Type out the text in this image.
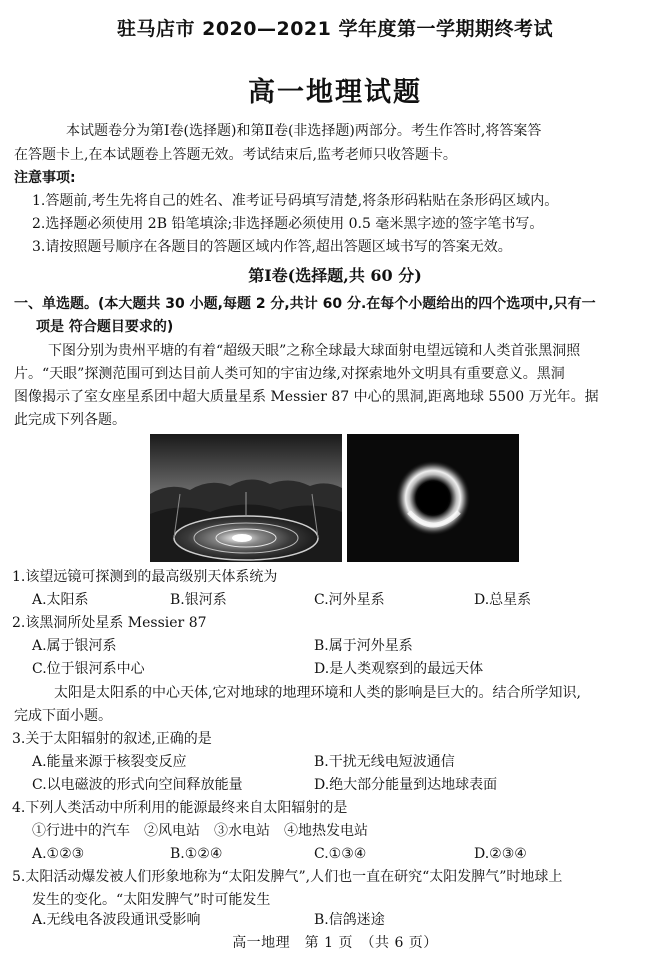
驻马店市 2020—2021 学年度第一学期期终考试
高一地理试题
本试题卷分为第Ⅰ卷(选择题)和第Ⅱ卷(非选择题)两部分。考生作答时,将答案答
在答题卡上,在本试题卷上答题无效。考试结束后,监考老师只收答题卡。
注意事项:
1.答题前,考生先将自己的姓名、准考证号码填写清楚,将条形码粘贴在条形码区域内。
2.选择题必须使用 2B 铅笔填涂;非选择题必须使用 0.5 毫米黑字迹的签字笔书写。
3.请按照题号顺序在各题目的答题区域内作答,超出答题区域书写的答案无效。
第Ⅰ卷(选择题,共 60 分)
一、单选题。(本大题共 30 小题,每题 2 分,共计 60 分.在每个小题给出的四个选项中,只有一
项是 符合题目要求的)
下图分别为贵州平塘的有着“超级天眼”之称全球最大球面射电望远镜和人类首张黑洞照
片。“天眼”探测范围可到达目前人类可知的宇宙边缘,对探索地外文明具有重要意义。黑洞
图像揭示了室女座星系团中超大质量星系 Messier 87 中心的黑洞,距离地球 5500 万光年。据
此完成下列各题。
1.该望远镜可探测到的最高级别天体系统为
A.太阳系	B.银河系	C.河外星系	D.总星系
2.该黑洞所处星系 Messier 87
A.属于银河系	B.属于河外星系
C.位于银河系中心	D.是人类观察到的最远天体
太阳是太阳系的中心天体,它对地球的地理环境和人类的影响是巨大的。结合所学知识,
完成下面小题。
3.关于太阳辐射的叙述,正确的是
A.能量来源于核裂变反应	B.干扰无线电短波通信
C.以电磁波的形式向空间释放能量	D.绝大部分能量到达地球表面
4.下列人类活动中所利用的能源最终来自太阳辐射的是
①行进中的汽车　②风电站　③水电站　④地热发电站
A.①②③	B.①②④	C.①③④	D.②③④
5.太阳活动爆发被人们形象地称为“太阳发脾气”,人们也一直在研究“太阳发脾气”时地球上
发生的变化。“太阳发脾气”时可能发生
A.无线电各波段通讯受影响	B.信鸽迷途
高一地理　第 1 页　（共 6 页）
